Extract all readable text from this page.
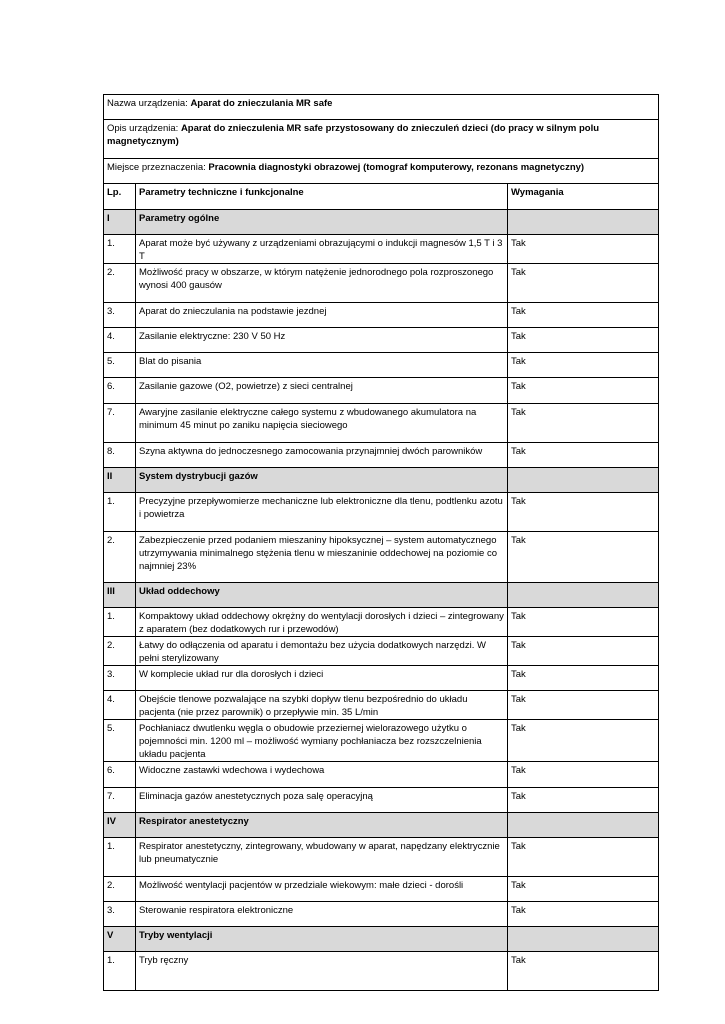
Nazwa urządzenia: Aparat do znieczulania MR safe		
Opis urządzenia: Aparat do znieczulenia MR safe przystosowany do znieczuleń dzieci (do pracy w silnym polu magnetycznym)		
Miejsce przeznaczenia: Pracownia diagnostyki obrazowej (tomograf komputerowy, rezonans magnetyczny)		
Lp.	Parametry techniczne i funkcjonalne	Wymagania
I	Parametry ogólne	
1.	Aparat może być używany z urządzeniami obrazującymi o indukcji magnesów 1,5 T i 3 T	Tak
2.	Możliwość pracy w obszarze, w którym natężenie jednorodnego pola rozproszonego wynosi 400 gausów	Tak
3.	Aparat do znieczulania na podstawie jezdnej	Tak
4.	Zasilanie elektryczne: 230 V 50 Hz	Tak
5.	Blat do pisania	Tak
6.	Zasilanie gazowe (O2, powietrze) z sieci centralnej	Tak
7.	Awaryjne zasilanie elektryczne całego systemu z wbudowanego akumulatora na minimum 45 minut po zaniku napięcia sieciowego	Tak
8.	Szyna aktywna do jednoczesnego zamocowania przynajmniej dwóch parowników	Tak
II	System dystrybucji gazów	
1.	Precyzyjne przepływomierze mechaniczne lub elektroniczne dla tlenu, podtlenku azotu i powietrza	Tak
2.	Zabezpieczenie przed podaniem mieszaniny hipoksycznej – system automatycznego utrzymywania minimalnego stężenia tlenu w mieszaninie oddechowej na poziomie co najmniej 23%	Tak
III	Układ oddechowy	
1.	Kompaktowy układ oddechowy okrężny do wentylacji dorosłych i dzieci – zintegrowany z aparatem (bez dodatkowych rur i przewodów)	Tak
2.	Łatwy do odłączenia od aparatu i demontażu bez użycia dodatkowych narzędzi. W pełni sterylizowany	Tak
3.	W komplecie układ rur dla dorosłych i dzieci	Tak
4.	Obejście tlenowe pozwalające na szybki dopływ tlenu bezpośrednio do układu pacjenta (nie przez parownik) o przepływie min. 35 L/min	Tak
5.	Pochłaniacz dwutlenku węgla o obudowie przeziernej wielorazowego użytku o pojemności min. 1200 ml – możliwość wymiany pochłaniacza bez rozszczelnienia układu pacjenta	Tak
6.	Widoczne zastawki wdechowa i wydechowa	Tak
7.	Eliminacja gazów anestetycznych poza salę operacyjną	Tak
IV	Respirator anestetyczny	
1.	Respirator anestetyczny, zintegrowany, wbudowany w aparat, napędzany elektrycznie lub pneumatycznie	Tak
2.	Możliwość wentylacji pacjentów w przedziale wiekowym: małe dzieci - dorośli	Tak
3.	Sterowanie respiratora elektroniczne	Tak
V	Tryby wentylacji	
1.	Tryb ręczny	Tak
